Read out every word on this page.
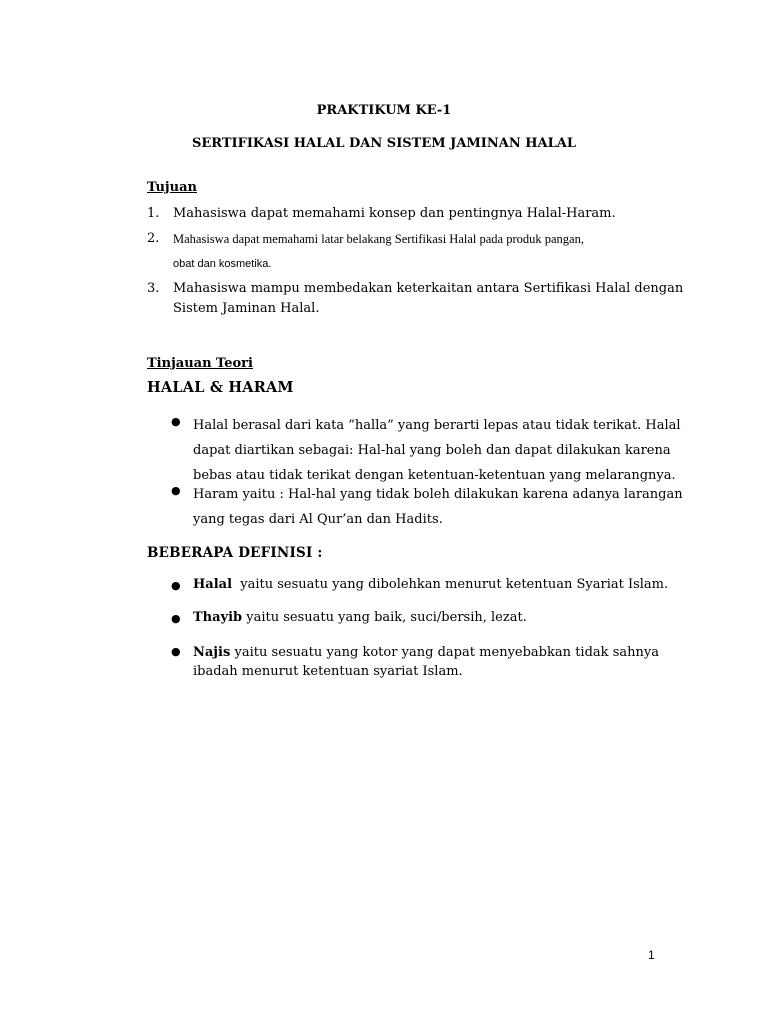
PRAKTIKUM KE-1
SERTIFIKASI HALAL DAN SISTEM JAMINAN HALAL
Tujuan
1. Mahasiswa dapat memahami konsep dan pentingnya Halal-Haram.
2. Mahasiswa dapat memahami latar belakang Sertifikasi Halal pada produk pangan,
obat dan kosmetika.
3. Mahasiswa mampu membedakan keterkaitan antara Sertifikasi Halal dengan
Sistem Jaminan Halal.
Tinjauan Teori
HALAL & HARAM
● Halal berasal dari kata ”halla” yang berarti lepas atau tidak terikat. Halal
dapat diartikan sebagai: Hal-hal yang boleh dan dapat dilakukan karena
bebas atau tidak terikat dengan ketentuan-ketentuan yang melarangnya.
● Haram yaitu : Hal-hal yang tidak boleh dilakukan karena adanya larangan
yang tegas dari Al Qur’an dan Hadits.
BEBERAPA DEFINISI :
● Halal  yaitu sesuatu yang dibolehkan menurut ketentuan Syariat Islam.
● Thayib yaitu sesuatu yang baik, suci/bersih, lezat.
● Najis yaitu sesuatu yang kotor yang dapat menyebabkan tidak sahnya
ibadah menurut ketentuan syariat Islam.
1
